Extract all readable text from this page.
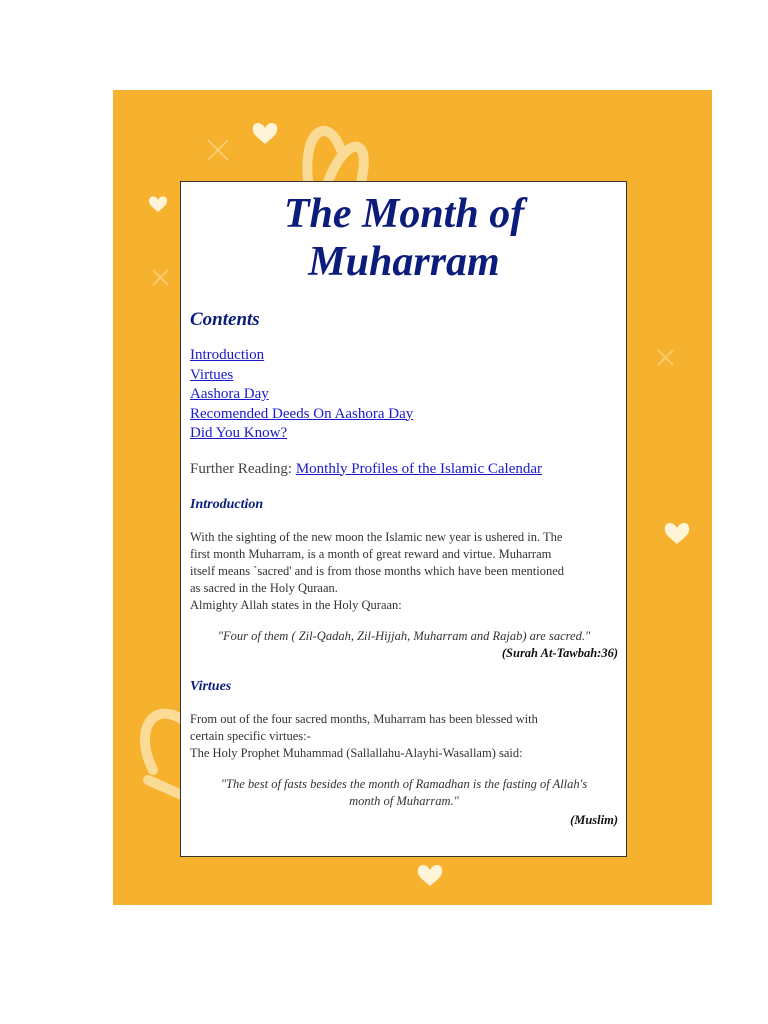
The Month of Muharram
Contents
Introduction
Virtues
Aashora Day
Recomended Deeds On Aashora Day
Did You Know?
Further Reading: Monthly Profiles of the Islamic Calendar
Introduction
With the sighting of the new moon the Islamic new year is ushered in. The
first month Muharram, is a month of great reward and virtue. Muharram
itself means `sacred' and is from those months which have been mentioned
as sacred in the Holy Quraan.
Almighty Allah states in the Holy Quraan:
"Four of them ( Zil-Qadah, Zil-Hijjah, Muharram and Rajab) are sacred."
(Surah At-Tawbah:36)
Virtues
From out of the four sacred months, Muharram has been blessed with
certain specific virtues:-
The Holy Prophet Muhammad (Sallallahu-Alayhi-Wasallam) said:
"The best of fasts besides the month of Ramadhan is the fasting of Allah's
month of Muharram."
(Muslim)
